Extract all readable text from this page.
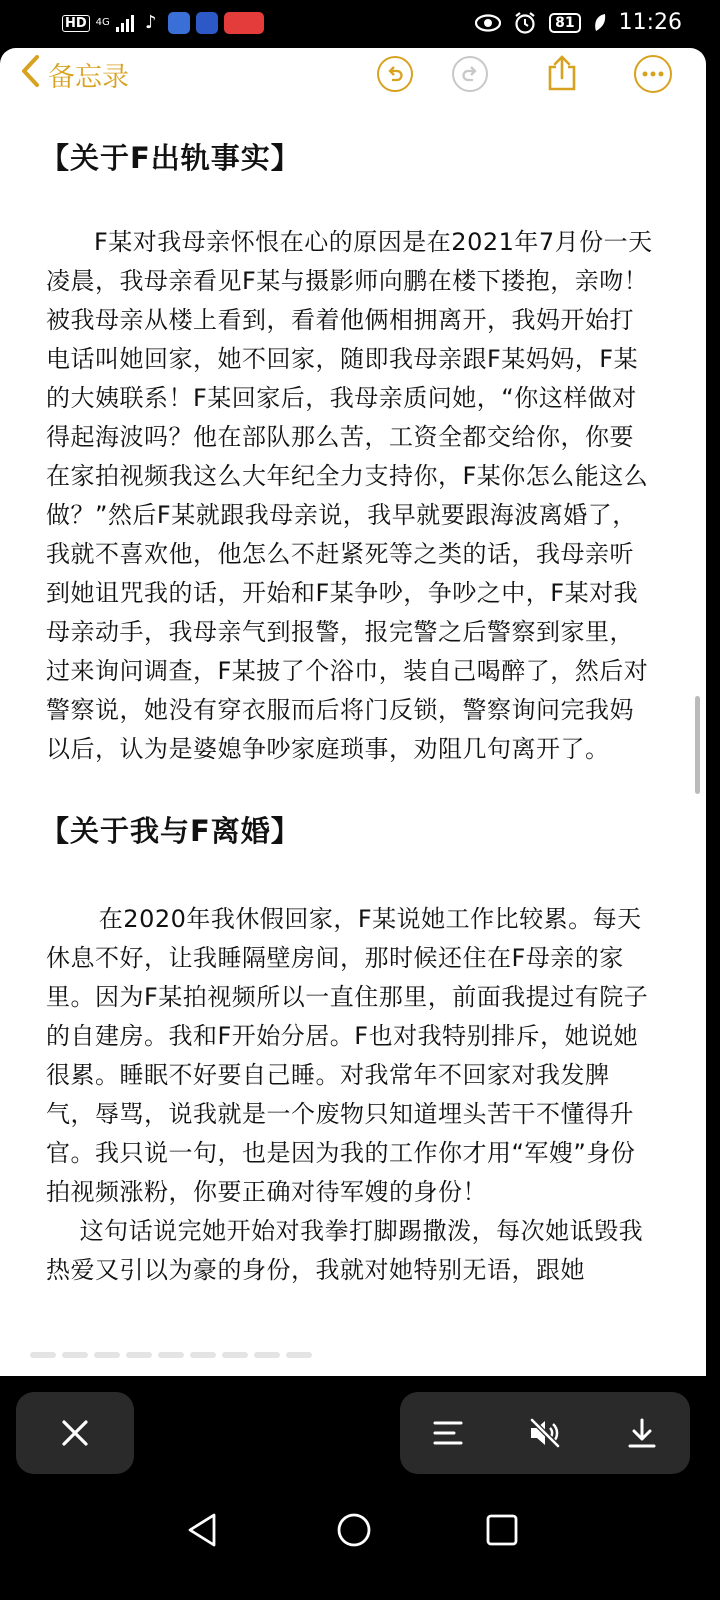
HD 4G ♪	81 11:26
备忘录

【关于F出轨事实】

F某对我母亲怀恨在心的原因是在2021年7月份一天凌晨，我母亲看见F某与摄影师向鹏在楼下搂抱，亲吻！被我母亲从楼上看到，看着他俩相拥离开，我妈开始打电话叫她回家，她不回家，随即我母亲跟F某妈妈，F某的大姨联系！F某回家后，我母亲质问她，“你这样做对得起海波吗？他在部队那么苦，工资全都交给你，你要在家拍视频我这么大年纪全力支持你，F某你怎么能这么做？”然后F某就跟我母亲说，我早就要跟海波离婚了，我就不喜欢他，他怎么不赶紧死等之类的话，我母亲听到她诅咒我的话，开始和F某争吵，争吵之中，F某对我母亲动手，我母亲气到报警，报完警之后警察到家里，过来询问调查，F某披了个浴巾，装自己喝醉了，然后对警察说，她没有穿衣服而后将门反锁，警察询问完我妈以后，认为是婆媳争吵家庭琐事，劝阻几句离开了。

【关于我与F离婚】

在2020年我休假回家，F某说她工作比较累。每天休息不好，让我睡隔壁房间，那时候还住在F母亲的家里。因为F某拍视频所以一直住那里，前面我提过有院子的自建房。我和F开始分居。F也对我特别排斥，她说她很累。睡眠不好要自己睡。对我常年不回家对我发脾气，辱骂，说我就是一个废物只知道埋头苦干不懂得升官。我只说一句，也是因为我的工作你才用“军嫂”身份拍视频涨粉，你要正确对待军嫂的身份！

这句话说完她开始对我拳打脚踢撒泼，每次她诋毁我热爱又引以为豪的身份，我就对她特别无语，跟她
